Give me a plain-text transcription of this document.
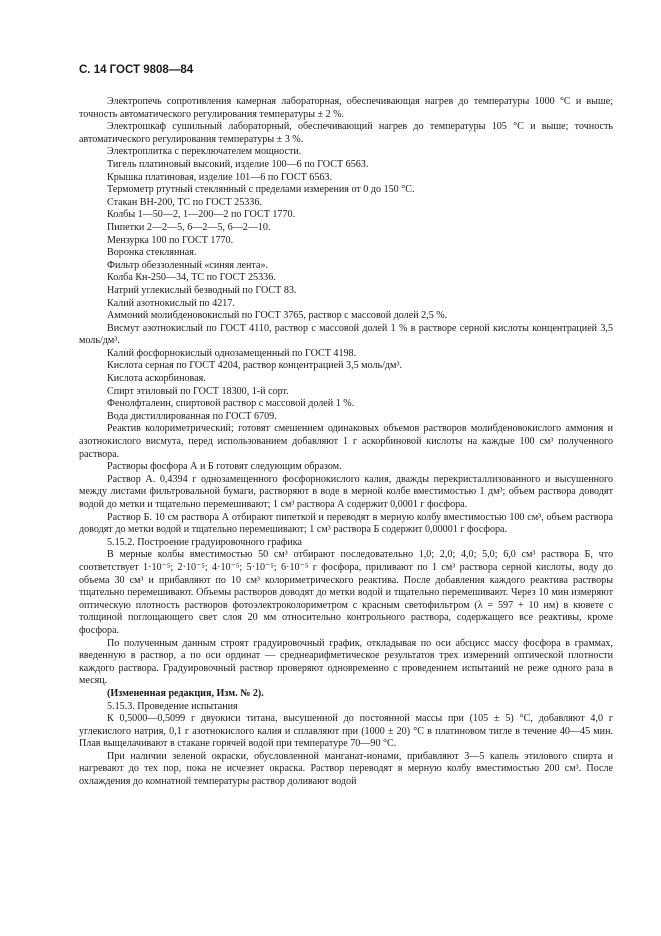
С. 14 ГОСТ 9808—84

Электропечь сопротивления камерная лабораторная, обеспечивающая нагрев до температуры 1000 °С и выше; точность автоматического регулирования температуры ± 2 %.

Электрошкаф сушильный лабораторный, обеспечивающий нагрев до температуры 105 °С и выше; точность автоматического регулирования температуры ± 3 %.

Электроплитка с переключателем мощности.

Тигель платиновый высокий, изделие 100—6 по ГОСТ 6563.

Крышка платиновая, изделие 101—6 по ГОСТ 6563.

Термометр ртутный стеклянный с пределами измерения от 0 до 150 °С.

Стакан ВН-200, ТС по ГОСТ 25336.

Колбы 1—50—2, 1—200—2 по ГОСТ 1770.

Пипетки 2—2—5, 6—2—5, 6—2—10.

Мензурка 100 по ГОСТ 1770.

Воронка стеклянная.

Фильтр обеззоленный «синяя лента».

Колба Кн-250—34, ТС по ГОСТ 25336.

Натрий углекислый безводный по ГОСТ 83.

Калий азотнокислый по 4217.

Аммоний молибденовокислый по ГОСТ 3765, раствор с массовой долей 2,5 %.

Висмут азотнокислый по ГОСТ 4110, раствор с массовой долей 1 % в растворе серной кислоты концентрацией 3,5 моль/дм³.

Калий фосфорнокислый однозамещенный по ГОСТ 4198.

Кислота серная по ГОСТ 4204, раствор концентрацией 3,5 моль/дм³.

Кислота аскорбиновая.

Спирт этиловый по ГОСТ 18300, 1-й сорт.

Фенолфталеин, спиртовой раствор с массовой долей 1 %.

Вода дистиллированная по ГОСТ 6709.

Реактив колориметрический; готовят смешением одинаковых объемов растворов молибденовокислого аммония и азотнокислого висмута, перед использованием добавляют 1 г аскорбиновой кислоты на каждые 100 см³ полученного раствора.

Растворы фосфора А и Б готовят следующим образом.

Раствор А. 0,4394 г однозамещенного фосфорнокислого калия, дважды перекристаллизованного и высушенного между листами фильтровальной бумаги, растворяют в воде в мерной колбе вместимостью 1 дм³; объем раствора доводят водой до метки и тщательно перемешивают; 1 см³ раствора А содержит 0,0001 г фосфора.

Раствор Б. 10 см раствора А отбирают пипеткой и переводят в мерную колбу вместимостью 100 см³, объем раствора доводят до метки водой и тщательно перемешивают; 1 см³ раствора Б содержит 0,00001 г фосфора.

5.15.2. Построение градуировочного графика

В мерные колбы вместимостью 50 см³ отбирают последовательно 1,0; 2,0; 4,0; 5,0; 6,0 см³ раствора Б, что соответствует 1·10⁻⁵; 2·10⁻⁵; 4·10⁻⁵; 5·10⁻⁵; 6·10⁻⁵ г фосфора, приливают по 1 см³ раствора серной кислоты, воду до объема 30 см³ и прибавляют по 10 см³ колориметрического реактива. После добавления каждого реактива растворы тщательно перемешивают. Объемы растворов доводят до метки водой и тщательно перемешивают. Через 10 мин измеряют оптическую плотность растворов фотоэлектроколориметром с красным светофильтром (λ = 597 + 10 нм) в кювете с толщиной поглощающего свет слоя 20 мм относительно контрольного раствора, содержащего все реактивы, кроме фосфора.

По полученным данным строят градуировочный график, откладывая по оси абсцисс массу фосфора в граммах, введенную в раствор, а по оси ординат — среднеарифметическое результатов трех измерений оптической плотности каждого раствора. Градуировочный раствор проверяют одновременно с проведением испытаний не реже одного раза в месяц.

(Измененная редакция, Изм. № 2).

5.15.3. Проведение испытания

К 0,5000—0,5099 г двуокиси титана, высушенной до постоянной массы при (105 ± 5) °С, добавляют 4,0 г углекислого натрия, 0,1 г азотнокислого калия и сплавляют при (1000 ± 20) °С в платиновом тигле в течение 40—45 мин. Плав выщелачивают в стакане горячей водой при температуре 70—90 °С.

При наличии зеленой окраски, обусловленной манганат-ионами, прибавляют 3—5 капель этилового спирта и нагревают до тех пор, пока не исчезнет окраска. Раствор переводят в мерную колбу вместимостью 200 см³. После охлаждения до комнатной температуры раствор доливают водой
